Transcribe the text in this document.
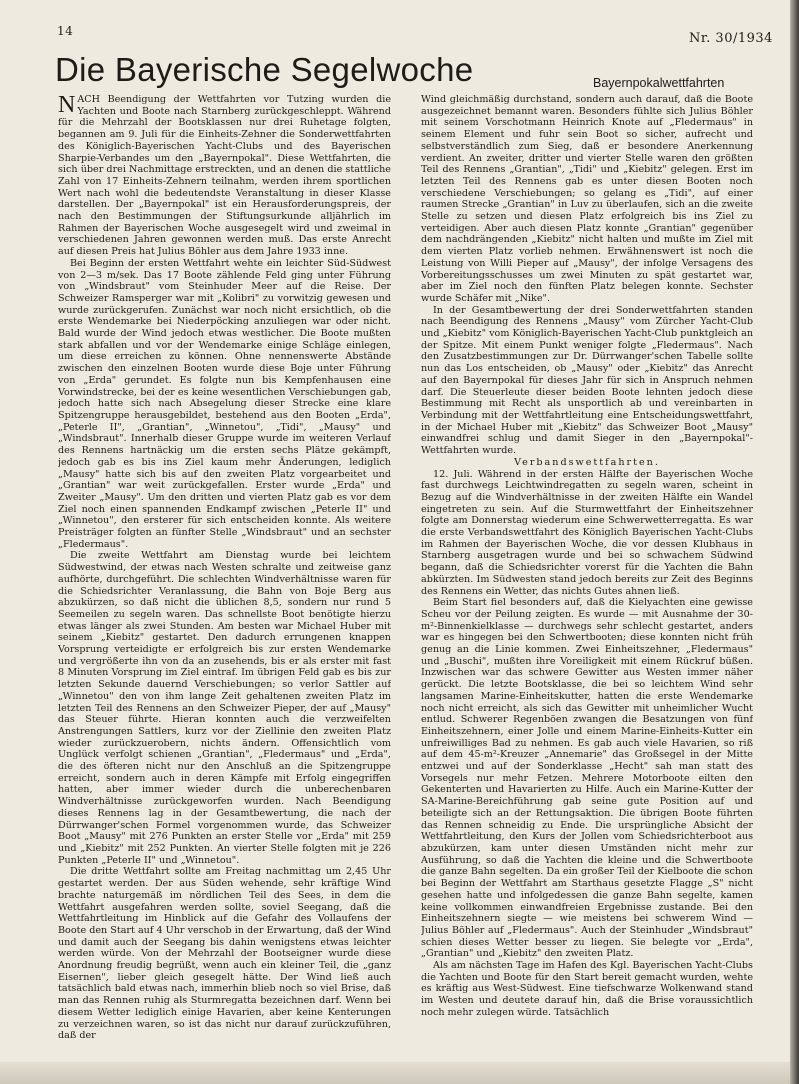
14	Nr. 30/1934
Die Bayerische Segelwoche	Bayernpokalwettfahrten

NACH Beendigung der Wettfahrten vor Tutzing wurden die Yachten und Boote nach Starnberg zurückgeschleppt. Während für die Mehrzahl der Bootsklassen nur drei Ruhetage folgten, begannen am 9. Juli für die Einheits-Zehner die Sonderwettfahrten des Königlich-Bayerischen Yacht-Clubs und des Bayerischen Sharpie-Verbandes um den „Bayernpokal". Diese Wettfahrten, die sich über drei Nachmittage erstreckten, und an denen die stattliche Zahl von 17 Einheits-Zehnern teilnahm, werden ihrem sportlichen Wert nach wohl die bedeutendste Veranstaltung in dieser Klasse darstellen. Der „Bayernpokal" ist ein Herausforderungspreis, der nach den Bestimmungen der Stiftungsurkunde alljährlich im Rahmen der Bayerischen Woche ausgesegelt wird und zweimal in verschiedenen Jahren gewonnen werden muß. Das erste Anrecht auf diesen Preis hat Julius Böhler aus dem Jahre 1933 inne.

Bei Beginn der ersten Wettfahrt wehte ein leichter Süd-Südwest von 2—3 m/sek. Das 17 Boote zählende Feld ging unter Führung von „Windsbraut" vom Steinhuder Meer auf die Reise. Der Schweizer Ramsperger war mit „Kolibri" zu vorwitzig gewesen und wurde zurückgerufen. Zunächst war noch nicht ersichtlich, ob die erste Wendemarke bei Niederpöcking anzuliegen war oder nicht. Bald wurde der Wind jedoch etwas westlicher. Die Boote mußten stark abfallen und vor der Wendemarke einige Schläge einlegen, um diese erreichen zu können. Ohne nennenswerte Abstände zwischen den einzelnen Booten wurde diese Boje unter Führung von „Erda" gerundet. Es folgte nun bis Kempfenhausen eine Vorwindstrecke, bei der es keine wesentlichen Verschiebungen gab, jedoch hatte sich nach Absegelung dieser Strecke eine klare Spitzengruppe herausgebildet, bestehend aus den Booten „Erda", „Peterle II", „Grantian", „Winnetou", „Tidi", „Mausy" und „Windsbraut". Innerhalb dieser Gruppe wurde im weiteren Verlauf des Rennens hartnäckig um die ersten sechs Plätze gekämpft, jedoch gab es bis ins Ziel kaum mehr Änderungen, lediglich „Mausy" hatte sich bis auf den zweiten Platz vorgearbeitet und „Grantian" war weit zurückgefallen. Erster wurde „Erda" und Zweiter „Mausy". Um den dritten und vierten Platz gab es vor dem Ziel noch einen spannenden Endkampf zwischen „Peterle II" und „Winnetou", den ersterer für sich entscheiden konnte. Als weitere Preisträger folgten an fünfter Stelle „Windsbraut" und an sechster „Fledermaus".

Die zweite Wettfahrt am Dienstag wurde bei leichtem Südwestwind, der etwas nach Westen schralte und zeitweise ganz aufhörte, durchgeführt. Die schlechten Windverhältnisse waren für die Schiedsrichter Veranlassung, die Bahn von Boje Berg aus abzukürzen, so daß nicht die üblichen 8,5, sondern nur rund 5 Seemeilen zu segeln waren. Das schnellste Boot benötigte hierzu etwas länger als zwei Stunden. Am besten war Michael Huber mit seinem „Kiebitz" gestartet. Den dadurch errungenen knappen Vorsprung verteidigte er erfolgreich bis zur ersten Wendemarke und vergrößerte ihn von da an zusehends, bis er als erster mit fast 8 Minuten Vorsprung im Ziel eintraf. Im übrigen Feld gab es bis zur letzten Sekunde dauernd Verschiebungen; so verlor Sattler auf „Winnetou" den von ihm lange Zeit gehaltenen zweiten Platz im letzten Teil des Rennens an den Schweizer Pieper, der auf „Mausy" das Steuer führte. Hieran konnten auch die verzweifelten Anstrengungen Sattlers, kurz vor der Ziellinie den zweiten Platz wieder zurückzuerobern, nichts ändern. Offensichtlich vom Unglück verfolgt schienen „Grantian", „Fledermaus" und „Erda", die des öfteren nicht nur den Anschluß an die Spitzengruppe erreicht, sondern auch in deren Kämpfe mit Erfolg eingegriffen hatten, aber immer wieder durch die unberechenbaren Windverhältnisse zurückgeworfen wurden. Nach Beendigung dieses Rennens lag in der Gesamtbewertung, die nach der Dürrwanger'schen Formel vorgenommen wurde, das Schweizer Boot „Mausy" mit 276 Punkten an erster Stelle vor „Erda" mit 259 und „Kiebitz" mit 252 Punkten. An vierter Stelle folgten mit je 226 Punkten „Peterle II" und „Winnetou".

Die dritte Wettfahrt sollte am Freitag nachmittag um 2,45 Uhr gestartet werden. Der aus Süden wehende, sehr kräftige Wind brachte naturgemäß im nördlichen Teil des Sees, in dem die Wettfahrt ausgefahren werden sollte, soviel Seegang, daß die Wettfahrtleitung im Hinblick auf die Gefahr des Vollaufens der Boote den Start auf 4 Uhr verschob in der Erwartung, daß der Wind und damit auch der Seegang bis dahin wenigstens etwas leichter werden würde. Von der Mehrzahl der Bootseigner wurde diese Anordnung freudig begrüßt, wenn auch ein kleiner Teil, die „ganz Eisernen", lieber gleich gesegelt hätte. Der Wind ließ auch tatsächlich bald etwas nach, immerhin blieb noch so viel Brise, daß man das Rennen ruhig als Sturmregatta bezeichnen darf. Wenn bei diesem Wetter lediglich einige Havarien, aber keine Kenterungen zu verzeichnen waren, so ist das nicht nur darauf zurückzuführen, daß der

Wind gleichmäßig durchstand, sondern auch darauf, daß die Boote ausgezeichnet bemannt waren. Besonders fühlte sich Julius Böhler mit seinem Vorschotmann Heinrich Knote auf „Fledermaus" in seinem Element und fuhr sein Boot so sicher, aufrecht und selbstverständlich zum Sieg, daß er besondere Anerkennung verdient. An zweiter, dritter und vierter Stelle waren den größten Teil des Rennens „Grantian", „Tidi" und „Kiebitz" gelegen. Erst im letzten Teil des Rennens gab es unter diesen Booten noch verschiedene Verschiebungen; so gelang es „Tidi", auf einer raumen Strecke „Grantian" in Luv zu überlaufen, sich an die zweite Stelle zu setzen und diesen Platz erfolgreich bis ins Ziel zu verteidigen. Aber auch diesen Platz konnte „Grantian" gegenüber dem nachdrängenden „Kiebitz" nicht halten und mußte im Ziel mit dem vierten Platz vorlieb nehmen. Erwähnenswert ist noch die Leistung von Willi Pieper auf „Mausy", der infolge Versagens des Vorbereitungsschusses um zwei Minuten zu spät gestartet war, aber im Ziel noch den fünften Platz belegen konnte. Sechster wurde Schäfer mit „Nike".

In der Gesamtbewertung der drei Sonderwettfahrten standen nach Beendigung des Rennens „Mausy" vom Zürcher Yacht-Club und „Kiebitz" vom Königlich-Bayerischen Yacht-Club punktgleich an der Spitze. Mit einem Punkt weniger folgte „Fledermaus". Nach den Zusatzbestimmungen zur Dr. Dürrwanger'schen Tabelle sollte nun das Los entscheiden, ob „Mausy" oder „Kiebitz" das Anrecht auf den Bayernpokal für dieses Jahr für sich in Anspruch nehmen darf. Die Steuerleute dieser beiden Boote lehnten jedoch diese Bestimmung mit Recht als unsportlich ab und vereinbarten in Verbindung mit der Wettfahrtleitung eine Entscheidungswettfahrt, in der Michael Huber mit „Kiebitz" das Schweizer Boot „Mausy" einwandfrei schlug und damit Sieger in den „Bayernpokal"-Wettfahrten wurde.

Verbandswettfahrten.

12. Juli. Während in der ersten Hälfte der Bayerischen Woche fast durchwegs Leichtwindregatten zu segeln waren, scheint in Bezug auf die Windverhältnisse in der zweiten Hälfte ein Wandel eingetreten zu sein. Auf die Sturmwettfahrt der Einheitszehner folgte am Donnerstag wiederum eine Schwerwetterregatta. Es war die erste Verbandswettfahrt des Königlich Bayerischen Yacht-Clubs im Rahmen der Bayerischen Woche, die vor dessen Klubhaus in Starnberg ausgetragen wurde und bei so schwachem Südwind begann, daß die Schiedsrichter vorerst für die Yachten die Bahn abkürzten. Im Südwesten stand jedoch bereits zur Zeit des Beginns des Rennens ein Wetter, das nichts Gutes ahnen ließ.

Beim Start fiel besonders auf, daß die Kielyachten eine gewisse Scheu vor der Peilung zeigten. Es wurde — mit Ausnahme der 30-m²-Binnenkielklasse — durchwegs sehr schlecht gestartet, anders war es hingegen bei den Schwertbooten; diese konnten nicht früh genug an die Linie kommen. Zwei Einheitszehner, „Fledermaus" und „Buschi", mußten ihre Voreiligkeit mit einem Rückruf büßen. Inzwischen war das schwere Gewitter aus Westen immer näher gerückt. Die letzte Bootsklasse, die bei so leichtem Wind sehr langsamen Marine-Einheitskutter, hatten die erste Wendemarke noch nicht erreicht, als sich das Gewitter mit unheimlicher Wucht entlud. Schwerer Regenböen zwangen die Besatzungen von fünf Einheitszehnern, einer Jolle und einem Marine-Einheits-Kutter ein unfreiwilliges Bad zu nehmen. Es gab auch viele Havarien, so riß auf dem 45-m²-Kreuzer „Annemarie" das Großsegel in der Mitte entzwei und auf der Sonderklasse „Hecht" sah man statt des Vorsegels nur mehr Fetzen. Mehrere Motorboote eilten den Gekenterten und Havarierten zu Hilfe. Auch ein Marine-Kutter der SA-Marine-Bereichführung gab seine gute Position auf und beteiligte sich an der Rettungsaktion. Die übrigen Boote führten das Rennen schneidig zu Ende. Die ursprüngliche Absicht der Wettfahrtleitung, den Kurs der Jollen vom Schiedsrichterboot aus abzukürzen, kam unter diesen Umständen nicht mehr zur Ausführung, so daß die Yachten die kleine und die Schwertboote die ganze Bahn segelten. Da ein großer Teil der Kielboote die schon bei Beginn der Wettfahrt am Starthaus gesetzte Flagge „S" nicht gesehen hatte und infolgedessen die ganze Bahn segelte, kamen keine vollkommen einwandfreien Ergebnisse zustande. Bei den Einheitszehnern siegte — wie meistens bei schwerem Wind — Julius Böhler auf „Fledermaus". Auch der Steinhuder „Windsbraut" schien dieses Wetter besser zu liegen. Sie belegte vor „Erda", „Grantian" und „Kiebitz" den zweiten Platz.

Als am nächsten Tage im Hafen des Kgl. Bayerischen Yacht-Clubs die Yachten und Boote für den Start bereit gemacht wurden, wehte es kräftig aus West-Südwest. Eine tiefschwarze Wolkenwand stand im Westen und deutete darauf hin, daß die Brise voraussichtlich noch mehr zulegen würde. Tatsächlich
